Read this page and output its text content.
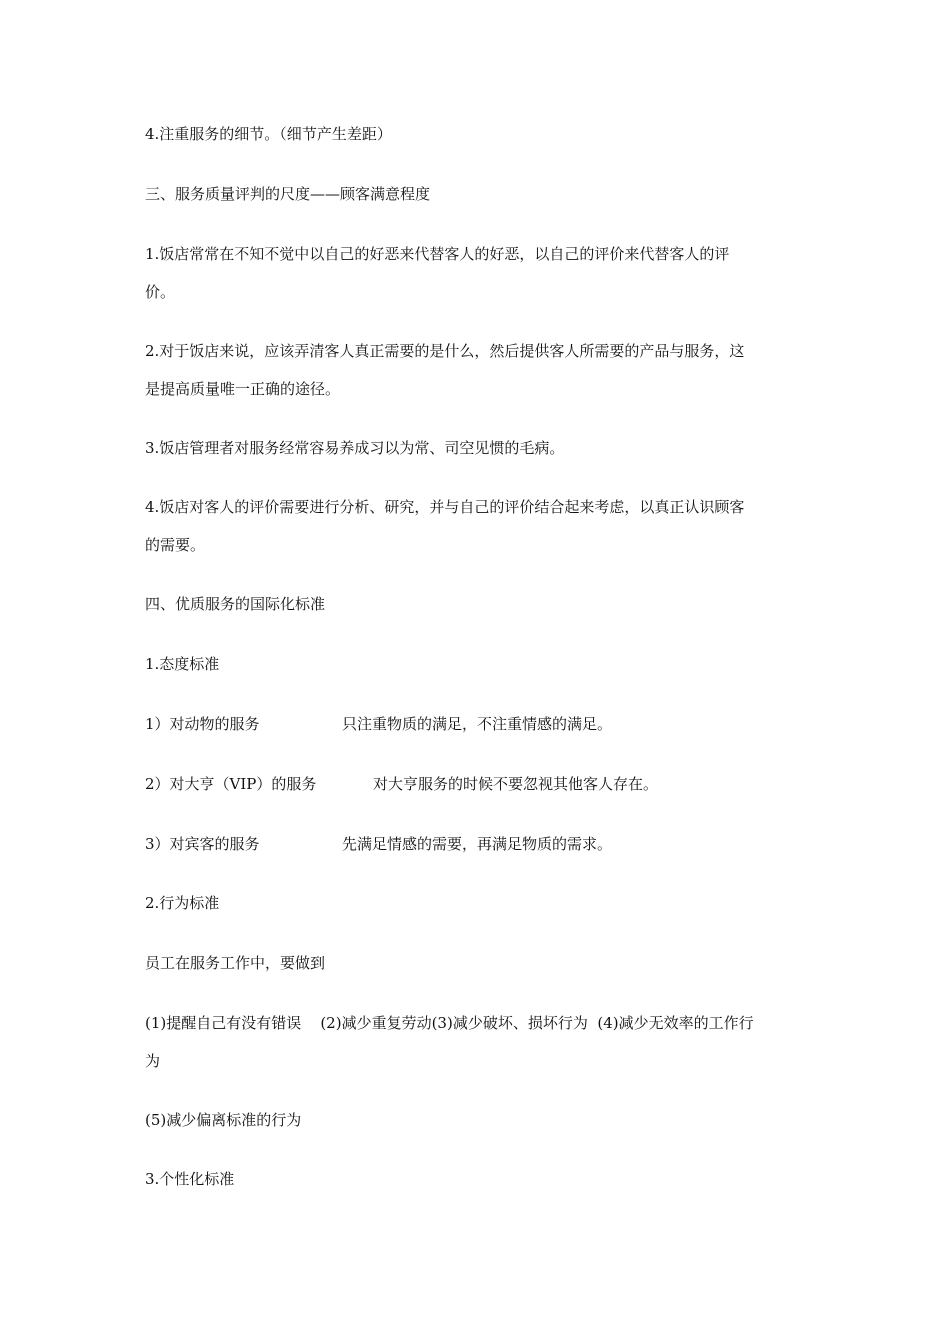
4.注重服务的细节。（细节产生差距）
三、服务质量评判的尺度——顾客满意程度
1.饭店常常在不知不觉中以自己的好恶来代替客人的好恶，以自己的评价来代替客人的评
价。
2.对于饭店来说，应该弄清客人真正需要的是什么，然后提供客人所需要的产品与服务，这
是提高质量唯一正确的途径。
3.饭店管理者对服务经常容易养成习以为常、司空见惯的毛病。
4.饭店对客人的评价需要进行分析、研究，并与自己的评价结合起来考虑，以真正认识顾客
的需要。
四、优质服务的国际化标准
1.态度标准
1）对动物的服务	只注重物质的满足，不注重情感的满足。
2）对大亨（VIP）的服务	对大亨服务的时候不要忽视其他客人存在。
3）对宾客的服务	先满足情感的需要，再满足物质的需求。
2.行为标准
员工在服务工作中，要做到
(1)提醒自己有没有错误    (2)减少重复劳动(3)减少破坏、损坏行为  (4)减少无效率的工作行
为
(5)减少偏离标准的行为
3.个性化标准
